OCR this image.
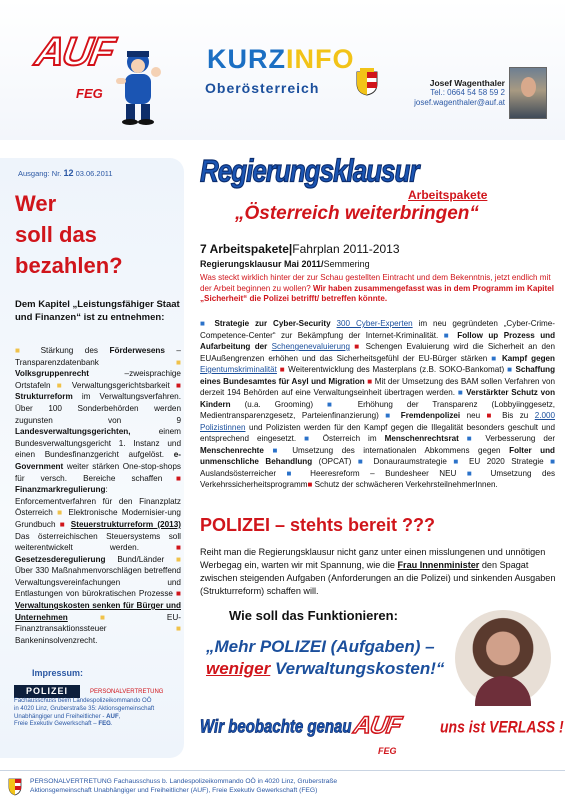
AUF
FEG
KURZINFO
Oberösterreich	Josef Wagenthaler
Tel.: 0664 54 58 59 2
josef.wagenthaler@auf.at
Ausgang: Nr. 12 03.06.2011
Wer
soll das
bezahlen?
Dem Kapitel „Leistungsfähiger Staat und Finanzen“ ist zu entnehmen:
■ Stärkung des Förderwesens – Transparenzdatenbank ■ Volksgruppenrecht –zweisprachige Ortstafeln ■ Verwaltungsgerichtsbarkeit ■ Strukturreform im Verwaltungsverfahren. Über 100 Sonderbehörden werden zugunsten von 9 Landesverwaltungsgerichten, einem Bundesverwaltungsgericht 1. Instanz und einen Bundesfinanzgericht aufgelöst. e-Government weiter stärken One-stop-shops für versch. Bereiche schaffen■ Finanzmarkregulierung: Enforcementverfahren für den Finanzplatz Österreich ■ Elektronische Modernisier-ung Grundbuch ■ Steuerstrukturreform (2013) Das österreichischen Steuersystems soll weiterentwickelt werden. ■ Gesetzesderegulierung Bund/Länder ■ Über 330 Maßnahmenvorschlägen betreffend Verwaltungsvereinfachungen und Entlastungen von bürokratischen Prozesse ■ Verwaltungskosten senken für Bürger und Unternehmen	■ EU-Finanztransaktionssteuer ■ Bankeninsolvenzrecht.
Impressum:
POLIZEI	PERSONALVERTRETUNG
Fachausschuss beim Landespolizeikommando OÖ
in 4020 Linz, Gruberstraße 35: Aktionsgemeinschaft Unabhängiger und Freiheitlicher - AUF,
Freie Exekutiv Gewerkschaft – FEG.
Regierungsklausur
Arbeitspakete
„Österreich weiterbringen“
7 Arbeitspakete|Fahrplan 2011-2013
Regierungsklausur Mai 2011/Semmering
Was steckt wirklich hinter der zur Schau gestellten Eintracht und dem Bekenntnis, jetzt endlich mit der Arbeit beginnen zu wollen? Wir haben zusammengefasst was in dem Programm im Kapitel „Sicherheit“ die Polizei betrifft/ betreffen könnte.
■ Strategie zur Cyber-Security 300 Cyber-Experten im neu gegründeten „Cyber-Crime-Competence-Center“ zur Bekämpfung der Internet-Kriminalität. ■ Follow up Prozess und Aufarbeitung der Schengenevaluierung ■ Schengen Evaluierung wird die Sicherheit an den EUAußengrenzen erhöhen und das Sicherheitsgefühl der EU-Bürger stärken ■ Kampf gegen Eigentumskriminalität ■ Weiterentwicklung des Masterplans (z.B. SOKO-Bankomat) ■ Schaffung eines Bundesamtes für Asyl und Migration ■ Mit der Umsetzung des BAM sollen Verfahren von derzeit 194 Behörden auf eine Verwaltungseinheit übertragen werden. ■ Verstärkter Schutz von Kindern (u.a. Grooming) ■ Erhöhung der Transparenz (Lobbyiinggesetz, Medientransparenzgesetz, Parteienfinanzierung) ■ Fremdenpolizei neu ■ Bis zu 2.000 Polizistinnen und Polizisten werden für den Kampf gegen die Illegalität besonders geschult und entsprechend eingesetzt. ■ Österreich im Menschenrechtsrat ■ Verbesserung der Menschenrechte ■ Umsetzung des internationalen Abkommens gegen Folter und unmenschliche Behandlung (OPCAT) ■ Donauraumstrategie ■ EU 2020 Strategie ■ Auslandsösterreicher ■ Heeresreform – Bundesheer NEU ■ Umsetzung des Verkehrssicherheitsprogramm■ Schutz der schwächeren VerkehrsteilnehmerInnen.
POLIZEI – stehts bereit ???
Reiht man die Regierungsklausur nicht ganz unter einen misslungenen und unnötigen Werbegag ein, warten wir mit Spannung, wie die Frau Innenminister den Spagat zwischen steigenden Aufgaben (Anforderungen an die Polizei) und sinkenden Ausgaben (Strukturreform) schaffen will.
Wie soll das Funktionieren:
„Mehr POLIZEI (Aufgaben) –
weniger Verwaltungskosten!“
Wir beobachte genau AUF
FEG
uns ist VERLASS !
PERSONALVERTRETUNG Fachausschuss b. Landespolizeikommando OÖ in 4020 Linz, Gruberstraße
Aktionsgemeinschaft Unabhängiger und Freiheitlicher (AUF), Freie Exekutiv Gewerkschaft (FEG)
